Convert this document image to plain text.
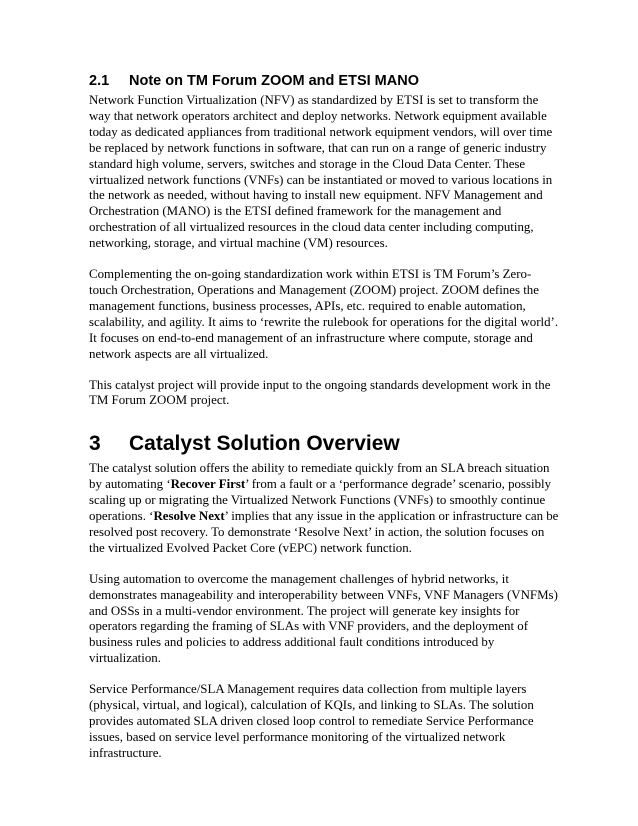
2.1 Note on TM Forum ZOOM and ETSI MANO
Network Function Virtualization (NFV) as standardized by ETSI is set to transform the
way that network operators architect and deploy networks. Network equipment available
today as dedicated appliances from traditional network equipment vendors, will over time
be replaced by network functions in software, that can run on a range of generic industry
standard high volume, servers, switches and storage in the Cloud Data Center. These
virtualized network functions (VNFs) can be instantiated or moved to various locations in
the network as needed, without having to install new equipment. NFV Management and
Orchestration (MANO) is the ETSI defined framework for the management and
orchestration of all virtualized resources in the cloud data center including computing,
networking, storage, and virtual machine (VM) resources.
Complementing the on-going standardization work within ETSI is TM Forum’s Zero-
touch Orchestration, Operations and Management (ZOOM) project. ZOOM defines the
management functions, business processes, APIs, etc. required to enable automation,
scalability, and agility. It aims to ‘rewrite the rulebook for operations for the digital world’.
It focuses on end-to-end management of an infrastructure where compute, storage and
network aspects are all virtualized.
This catalyst project will provide input to the ongoing standards development work in the
TM Forum ZOOM project.
3 Catalyst Solution Overview
The catalyst solution offers the ability to remediate quickly from an SLA breach situation
by automating ‘Recover First’ from a fault or a ‘performance degrade’ scenario, possibly
scaling up or migrating the Virtualized Network Functions (VNFs) to smoothly continue
operations. ‘Resolve Next’ implies that any issue in the application or infrastructure can be
resolved post recovery. To demonstrate ‘Resolve Next’ in action, the solution focuses on
the virtualized Evolved Packet Core (vEPC) network function.
Using automation to overcome the management challenges of hybrid networks, it
demonstrates manageability and interoperability between VNFs, VNF Managers (VNFMs)
and OSSs in a multi-vendor environment. The project will generate key insights for
operators regarding the framing of SLAs with VNF providers, and the deployment of
business rules and policies to address additional fault conditions introduced by
virtualization.
Service Performance/SLA Management requires data collection from multiple layers
(physical, virtual, and logical), calculation of KQIs, and linking to SLAs. The solution
provides automated SLA driven closed loop control to remediate Service Performance
issues, based on service level performance monitoring of the virtualized network
infrastructure.
